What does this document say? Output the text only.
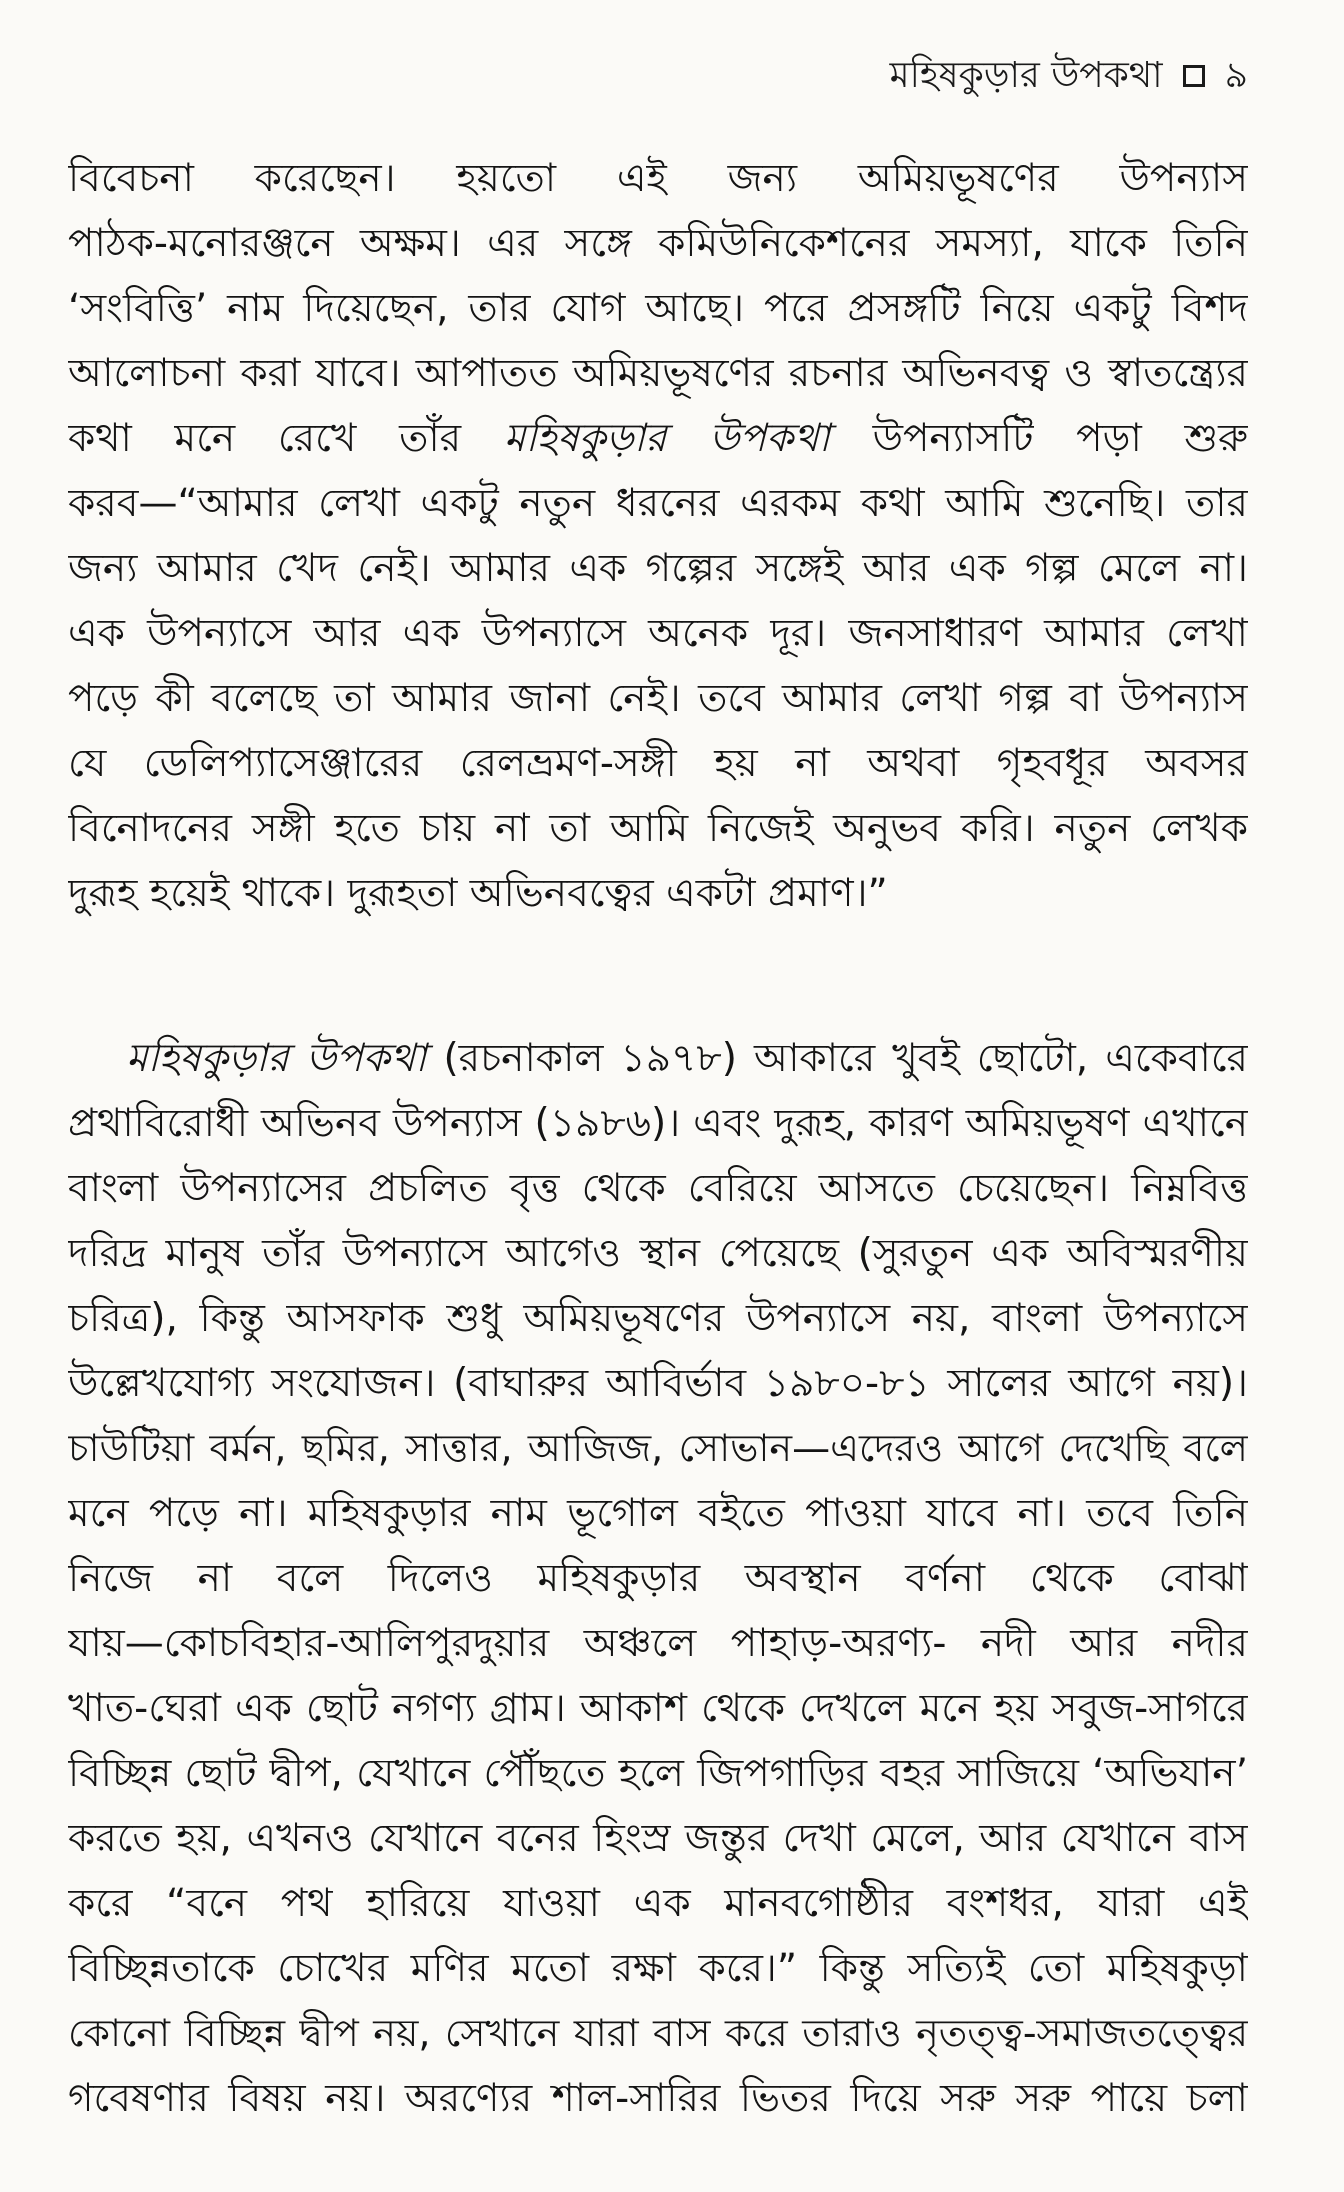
মহিষকুড়ার উপকথা ৯
বিবেচনা করেছেন। হয়তো এই জন্য অমিয়ভূষণের উপন্যাস
পাঠক-মনোরঞ্জনে অক্ষম। এর সঙ্গে কমিউনিকেশনের সমস্যা, যাকে তিনি
‘সংবিত্তি’ নাম দিয়েছেন, তার যোগ আছে। পরে প্রসঙ্গটি নিয়ে একটু বিশদ
আলোচনা করা যাবে। আপাতত অমিয়ভূষণের রচনার অভিনবত্ব ও স্বাতন্ত্র্যের
কথা মনে রেখে তাঁর মহিষকুড়ার উপকথা উপন্যাসটি পড়া শুরু
করব—“আমার লেখা একটু নতুন ধরনের এরকম কথা আমি শুনেছি। তার
জন্য আমার খেদ নেই। আমার এক গল্পের সঙ্গেই আর এক গল্প মেলে না।
এক উপন্যাসে আর এক উপন্যাসে অনেক দূর। জনসাধারণ আমার লেখা
পড়ে কী বলেছে তা আমার জানা নেই। তবে আমার লেখা গল্প বা উপন্যাস
যে ডেলিপ্যাসেঞ্জারের রেলভ্রমণ-সঙ্গী হয় না অথবা গৃহবধূর অবসর
বিনোদনের সঙ্গী হতে চায় না তা আমি নিজেই অনুভব করি। নতুন লেখক
দুরূহ হয়েই থাকে। দুরূহতা অভিনবত্বের একটা প্রমাণ।”
মহিষকুড়ার উপকথা (রচনাকাল ১৯৭৮) আকারে খুবই ছোটো, একেবারে
প্রথাবিরোধী অভিনব উপন্যাস (১৯৮৬)। এবং দুরূহ, কারণ অমিয়ভূষণ এখানে
বাংলা উপন্যাসের প্রচলিত বৃত্ত থেকে বেরিয়ে আসতে চেয়েছেন। নিম্নবিত্ত
দরিদ্র মানুষ তাঁর উপন্যাসে আগেও স্থান পেয়েছে (সুরতুন এক অবিস্মরণীয়
চরিত্র), কিন্তু আসফাক শুধু অমিয়ভূষণের উপন্যাসে নয়, বাংলা উপন্যাসে
উল্লেখযোগ্য সংযোজন। (বাঘারুর আবির্ভাব ১৯৮০-৮১ সালের আগে নয়)।
চাউটিয়া বর্মন, ছমির, সাত্তার, আজিজ, সোভান—এদেরও আগে দেখেছি বলে
মনে পড়ে না। মহিষকুড়ার নাম ভূগোল বইতে পাওয়া যাবে না। তবে তিনি
নিজে না বলে দিলেও মহিষকুড়ার অবস্থান বর্ণনা থেকে বোঝা
যায়—কোচবিহার-আলিপুরদুয়ার অঞ্চলে পাহাড়-অরণ্য- নদী আর নদীর
খাত-ঘেরা এক ছোট নগণ্য গ্রাম। আকাশ থেকে দেখলে মনে হয় সবুজ-সাগরে
বিচ্ছিন্ন ছোট দ্বীপ, যেখানে পৌঁছতে হলে জিপগাড়ির বহর সাজিয়ে ‘অভিযান’
করতে হয়, এখনও যেখানে বনের হিংস্র জন্তুর দেখা মেলে, আর যেখানে বাস
করে “বনে পথ হারিয়ে যাওয়া এক মানবগোষ্ঠীর বংশধর, যারা এই
বিচ্ছিন্নতাকে চোখের মণির মতো রক্ষা করে।” কিন্তু সত্যিই তো মহিষকুড়া
কোনো বিচ্ছিন্ন দ্বীপ নয়, সেখানে যারা বাস করে তারাও নৃতত্ত্ব-সমাজতত্ত্বের
গবেষণার বিষয় নয়। অরণ্যের শাল-সারির ভিতর দিয়ে সরু সরু পায়ে চলা
